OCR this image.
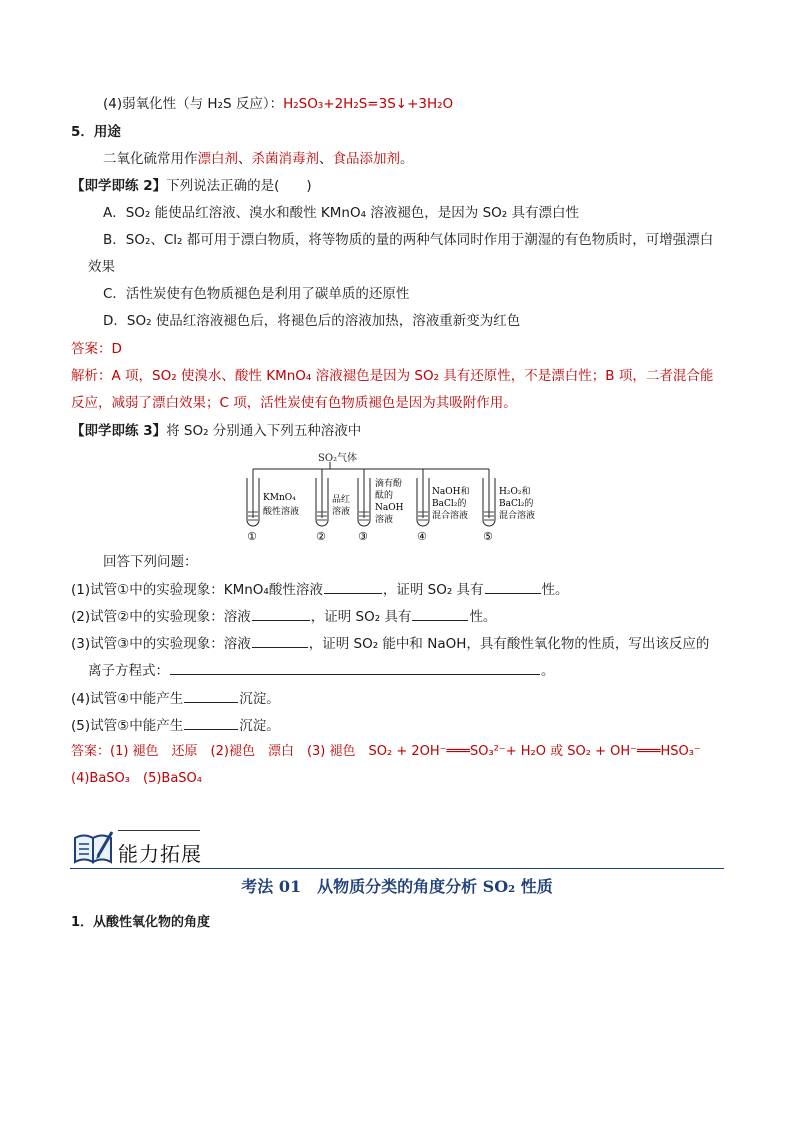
(4)弱氧化性（与 H₂S 反应）：H₂SO₃+2H₂S=3S↓+3H₂O
5．用途
二氧化硫常用作漂白剂、杀菌消毒剂、食品添加剂。
【即学即练 2】下列说法正确的是(　　)
A．SO₂ 能使品红溶液、溴水和酸性 KMnO₄ 溶液褪色，是因为 SO₂ 具有漂白性
B．SO₂、Cl₂ 都可用于漂白物质，将等物质的量的两种气体同时作用于潮湿的有色物质时，可增强漂白
效果
C．活性炭使有色物质褪色是利用了碳单质的还原性
D．SO₂ 使品红溶液褪色后，将褪色后的溶液加热，溶液重新变为红色
答案：D
解析：A 项，SO₂ 使溴水、酸性 KMnO₄ 溶液褪色是因为 SO₂ 具有还原性，不是漂白性；B 项，二者混合能
反应，减弱了漂白效果；C 项，活性炭使有色物质褪色是因为其吸附作用。
【即学即练 3】将 SO₂ 分别通入下列五种溶液中
SO₂气体
KMnO₄
酸性溶液
①
品红
溶液
②
滴有酚
酞的
NaOH
溶液
③
NaOH和
BaCl₂的
混合溶液
④
H₂O₂和
BaCl₂的
混合溶液
⑤
回答下列问题：
(1)试管①中的实验现象：KMnO₄酸性溶液	，证明 SO₂ 具有	性。
(2)试管②中的实验现象：溶液	，证明 SO₂ 具有	性。
(3)试管③中的实验现象：溶液	，证明 SO₂ 能中和 NaOH，具有酸性氧化物的性质，写出该反应的
离子方程式：	。
(4)试管④中能产生	沉淀。
(5)试管⑤中能产生	沉淀。
答案：(1) 褪色　还原　(2)褪色　漂白　(3) 褪色　SO₂ + 2OH⁻═══SO₃²⁻+ H₂O 或 SO₂ + OH⁻═══HSO₃⁻
(4)BaSO₃　(5)BaSO₄
能力拓展
考法 01　从物质分类的角度分析 SO₂ 性质
1．从酸性氧化物的角度
